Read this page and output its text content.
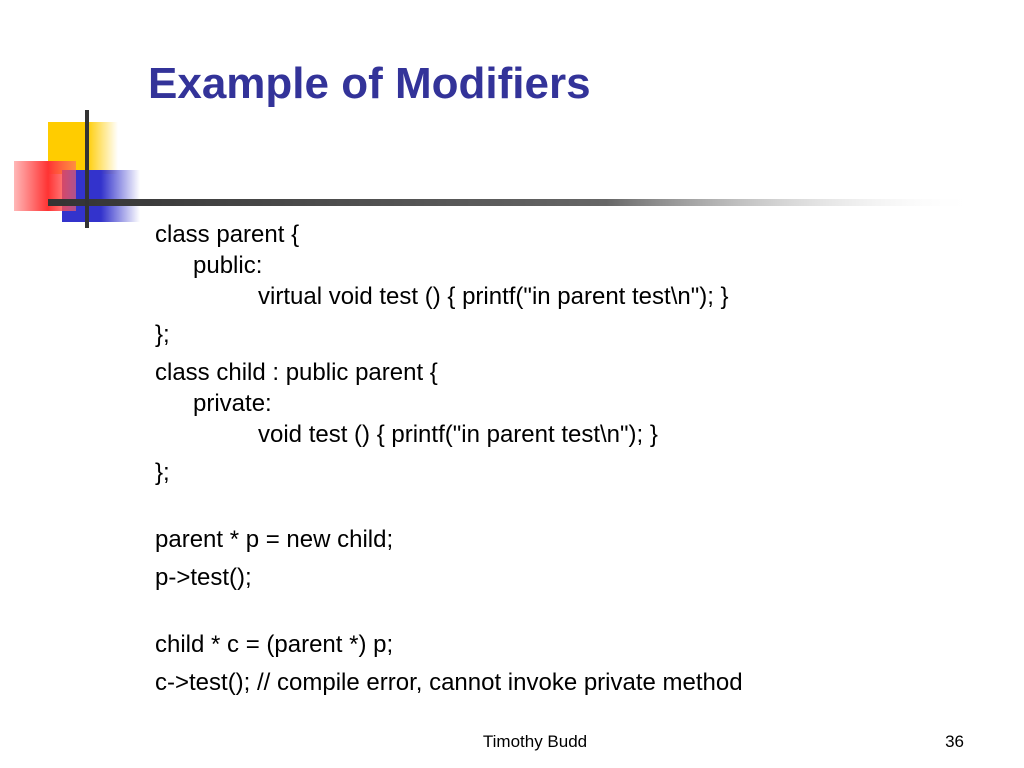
Example of Modifiers
class parent {
public:
virtual void test () { printf("in parent test\n"); }
};
class child : public parent {
private:
void test () { printf("in parent test\n"); }
};
parent * p = new child;
p->test();
child * c = (parent *) p;
c->test(); // compile error, cannot invoke private method
Timothy Budd	36
